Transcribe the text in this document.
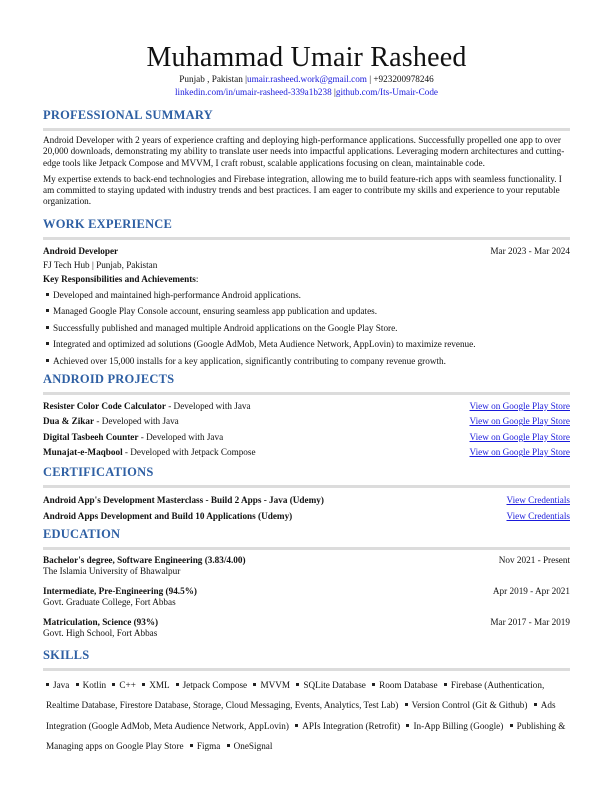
Muhammad Umair Rasheed
Punjab , Pakistan |umair.rasheed.work@gmail.com | +923200978246
linkedin.com/in/umair-rasheed-339a1b238 |github.com/Its-Umair-Code
PROFESSIONAL SUMMARY

Android Developer with 2 years of experience crafting and deploying high-performance applications. Successfully propelled one app to over 20,000 downloads, demonstrating my ability to translate user needs into impactful applications. Leveraging modern architectures and cutting-edge tools like Jetpack Compose and MVVM, I craft robust, scalable applications focusing on clean, maintainable code.

My expertise extends to back-end technologies and Firebase integration, allowing me to build feature-rich apps with seamless functionality. I am committed to staying updated with industry trends and best practices. I am eager to contribute my skills and experience to your reputable organization.

WORK EXPERIENCE
Android Developer	Mar 2023 - Mar 2024
FJ Tech Hub | Punjab, Pakistan
Key Responsibilities and Achievements:
Developed and maintained high-performance Android applications.
Managed Google Play Console account, ensuring seamless app publication and updates.
Successfully published and managed multiple Android applications on the Google Play Store.
Integrated and optimized ad solutions (Google AdMob, Meta Audience Network, AppLovin) to maximize revenue.
Achieved over 15,000 installs for a key application, significantly contributing to company revenue growth.
ANDROID PROJECTS
Resister Color Code Calculator - Developed with Java	View on Google Play Store
Dua & Zikar - Developed with Java	View on Google Play Store
Digital Tasbeeh Counter - Developed with Java	View on Google Play Store
Munajat-e-Maqbool - Developed with Jetpack Compose	View on Google Play Store
CERTIFICATIONS
Android App's Development Masterclass - Build 2 Apps - Java (Udemy)	View Credentials
Android Apps Development and Build 10 Applications (Udemy)	View Credentials
EDUCATION
Bachelor's degree, Software Engineering (3.83/4.00)	Nov 2021 - Present
The Islamia University of Bhawalpur
Intermediate, Pre-Engineering (94.5%)	Apr 2019 - Apr 2021
Govt. Graduate College, Fort Abbas
Matriculation, Science (93%)	Mar 2017 - Mar 2019
Govt. High School, Fort Abbas
SKILLS
Java Kotlin C++ XML Jetpack Compose MVVM SQLite Database Room Database Firebase (Authentication, Realtime Database, Firestore Database, Storage, Cloud Messaging, Events, Analytics, Test Lab) Version Control (Git & Github) Ads Integration (Google AdMob, Meta Audience Network, AppLovin) APIs Integration (Retrofit) In-App Billing (Google) Publishing & Managing apps on Google Play Store Figma OneSignal
